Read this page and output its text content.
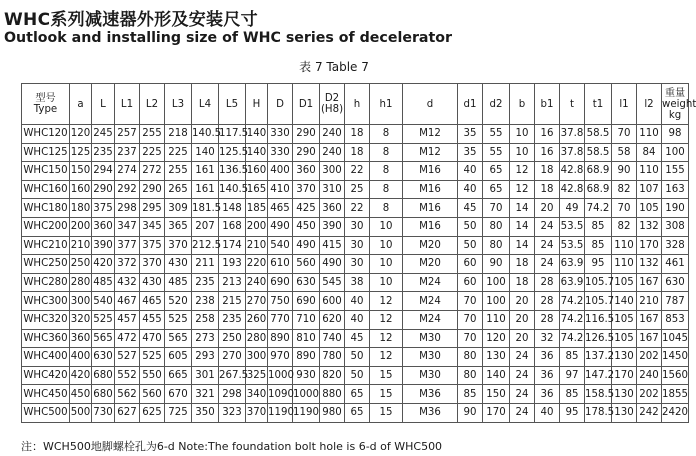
WHC系列减速器外形及安装尺寸
Outlook and installing size of WHC series of decelerator
表 7 Table 7
型号
Type	a	L	L1	L2	L3	L4	L5	H	D	D1	D2
(H8)	h	h1	d	d1	d2	b	b1	t	t1	l1	l2	重量
weight
kg
WHC120	120	245	257	255	218	140.5	117.5	140	330	290	240	18	8	M12	35	55	10	16	37.8	58.5	70	110	98
WHC125	125	235	237	225	225	140	125.5	140	330	290	240	18	8	M12	35	55	10	16	37.8	58.5	58	84	100
WHC150	150	294	274	272	255	161	136.5	160	400	360	300	22	8	M16	40	65	12	18	42.8	68.9	90	110	155
WHC160	160	290	292	290	265	161	140.5	165	410	370	310	25	8	M16	40	65	12	18	42.8	68.9	82	107	163
WHC180	180	375	298	295	309	181.5	148	185	465	425	360	22	8	M16	45	70	14	20	49	74.2	70	105	190
WHC200	200	360	347	345	365	207	168	200	490	450	390	30	10	M16	50	80	14	24	53.5	85	82	132	308
WHC210	210	390	377	375	370	212.5	174	210	540	490	415	30	10	M20	50	80	14	24	53.5	85	110	170	328
WHC250	250	420	372	370	430	211	193	220	610	560	490	30	10	M20	60	90	18	24	63.9	95	110	132	461
WHC280	280	485	432	430	485	235	213	240	690	630	545	38	10	M24	60	100	18	28	63.9	105.7	105	167	630
WHC300	300	540	467	465	520	238	215	270	750	690	600	40	12	M24	70	100	20	28	74.2	105.7	140	210	787
WHC320	320	525	457	455	525	258	235	260	770	710	620	40	12	M24	70	110	20	28	74.2	116.5	105	167	853
WHC360	360	565	472	470	565	273	250	280	890	810	740	45	12	M30	70	120	20	32	74.2	126.5	105	167	1045
WHC400	400	630	527	525	605	293	270	300	970	890	780	50	12	M30	80	130	24	36	85	137.2	130	202	1450
WHC420	420	680	552	550	665	301	267.5	325	1000	930	820	50	15	M30	80	140	24	36	97	147.2	170	240	1560
WHC450	450	680	562	560	670	321	298	340	1090	1000	880	65	15	M36	85	150	24	36	85	158.5	130	202	1855
WHC500	500	730	627	625	725	350	323	370	1190	1190	980	65	15	M36	90	170	24	40	95	178.5	130	242	2420
注：WCH500地脚螺栓孔为6-d Note:The foundation bolt hole is 6-d of WHC500
